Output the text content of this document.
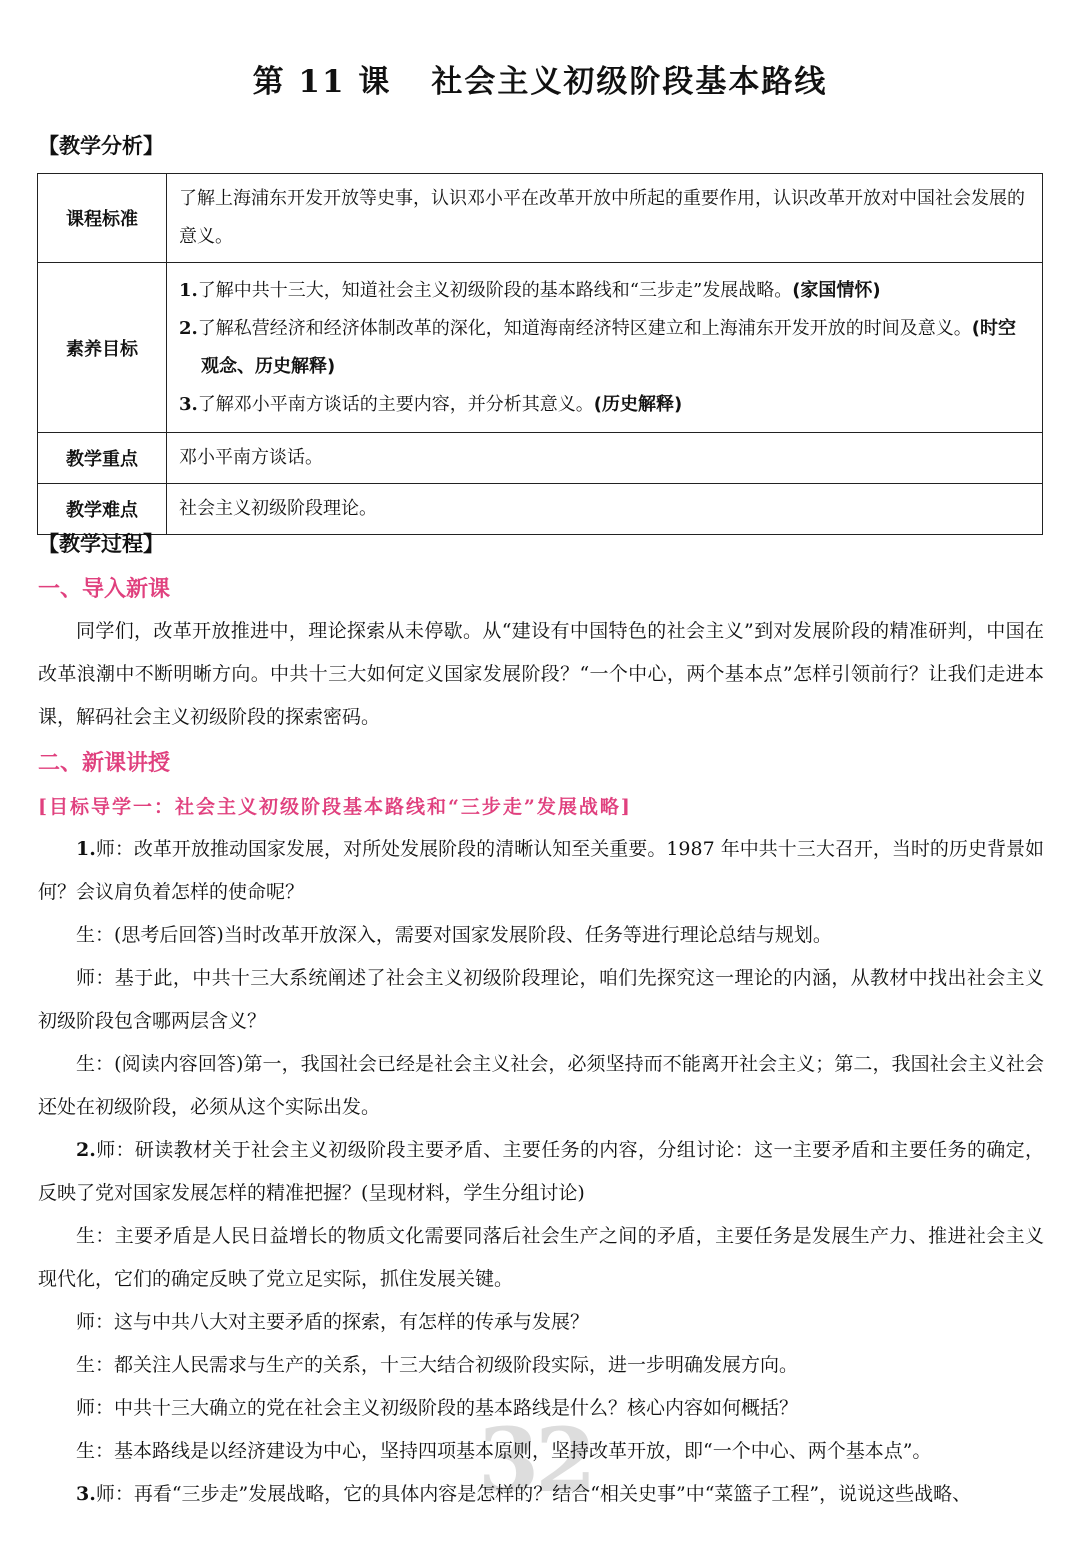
第 11 课 社会主义初级阶段基本路线
【教学分析】
课程标准	了解上海浦东开发开放等史事，认识邓小平在改革开放中所起的重要作用，认识改革开放对中国社会发展的意义。
素养目标	1.了解中共十三大，知道社会主义初级阶段的基本路线和“三步走”发展战略。(家国情怀)
2.了解私营经济和经济体制改革的深化，知道海南经济特区建立和上海浦东开发开放的时间及意义。(时空观念、历史解释)
3.了解邓小平南方谈话的主要内容，并分析其意义。(历史解释)

教学重点	邓小平南方谈话。
教学难点	社会主义初级阶段理论。
【教学过程】
一、导入新课

同学们，改革开放推进中，理论探索从未停歇。从“建设有中国特色的社会主义”到对发展阶段的精准研判，中国在改革浪潮中不断明晰方向。中共十三大如何定义国家发展阶段？“一个中心，两个基本点”怎样引领前行？让我们走进本课，解码社会主义初级阶段的探索密码。

二、新课讲授
[目标导学一：社会主义初级阶段基本路线和“三步走”发展战略]
32

1.师：改革开放推动国家发展，对所处发展阶段的清晰认知至关重要。1987 年中共十三大召开，当时的历史背景如何？会议肩负着怎样的使命呢？

生：(思考后回答)当时改革开放深入，需要对国家发展阶段、任务等进行理论总结与规划。

师：基于此，中共十三大系统阐述了社会主义初级阶段理论，咱们先探究这一理论的内涵，从教材中找出社会主义初级阶段包含哪两层含义？

生：(阅读内容回答)第一，我国社会已经是社会主义社会，必须坚持而不能离开社会主义；第二，我国社会主义社会还处在初级阶段，必须从这个实际出发。

2.师：研读教材关于社会主义初级阶段主要矛盾、主要任务的内容，分组讨论：这一主要矛盾和主要任务的确定，反映了党对国家发展怎样的精准把握？(呈现材料，学生分组讨论)

生：主要矛盾是人民日益增长的物质文化需要同落后社会生产之间的矛盾，主要任务是发展生产力、推进社会主义现代化，它们的确定反映了党立足实际，抓住发展关键。

师：这与中共八大对主要矛盾的探索，有怎样的传承与发展？

生：都关注人民需求与生产的关系，十三大结合初级阶段实际，进一步明确发展方向。

师：中共十三大确立的党在社会主义初级阶段的基本路线是什么？核心内容如何概括？

生：基本路线是以经济建设为中心，坚持四项基本原则，坚持改革开放，即“一个中心、两个基本点”。

3.师：再看“三步走”发展战略，它的具体内容是怎样的？结合“相关史事”中“菜篮子工程”，说说这些战略、
